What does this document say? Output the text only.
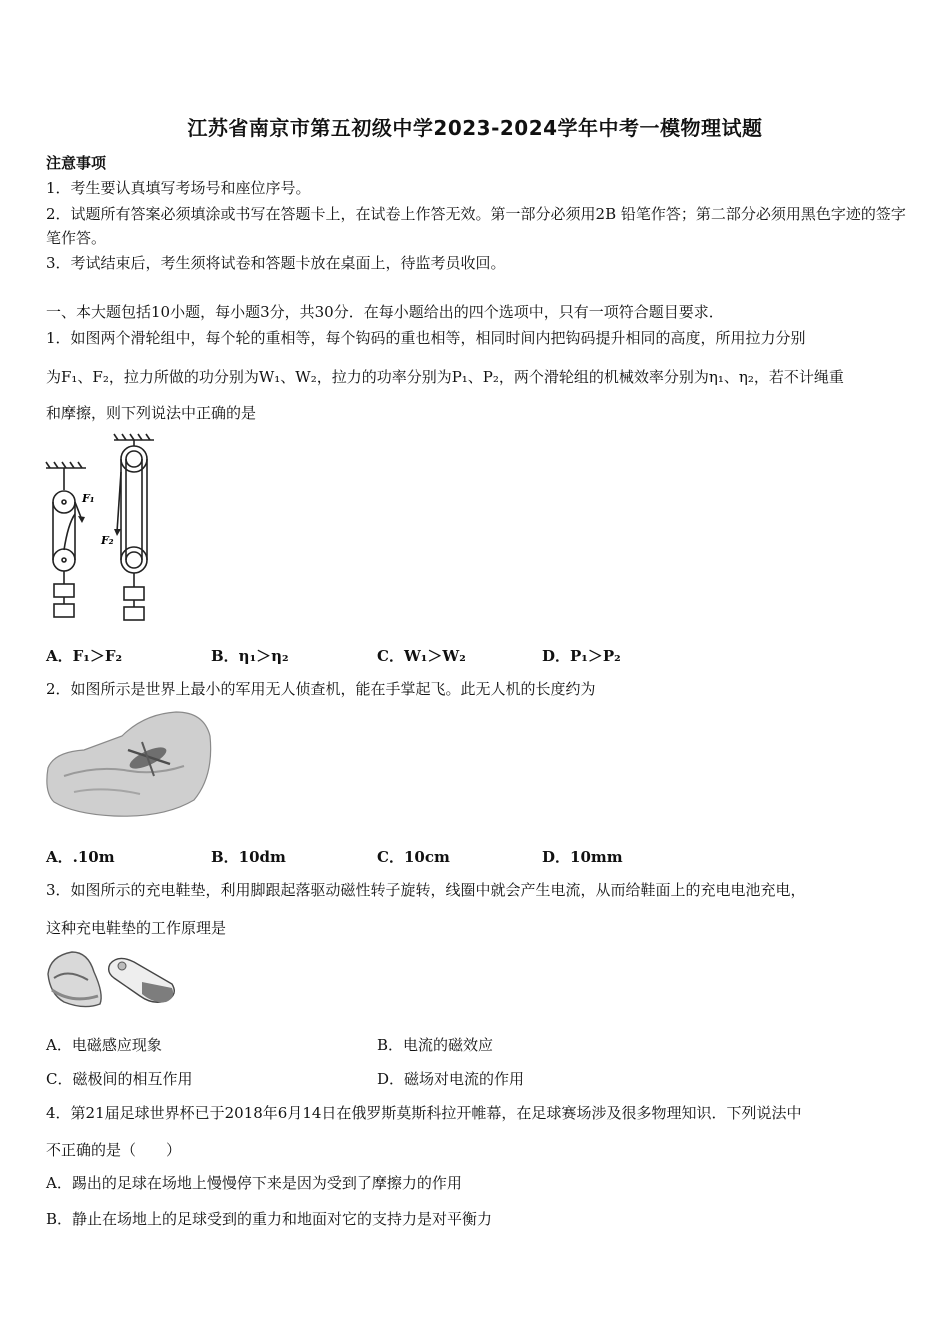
江苏省南京市第五初级中学2023-2024学年中考一模物理试题
注意事项
1．考生要认真填写考场号和座位序号。
2．试题所有答案必须填涂或书写在答题卡上，在试卷上作答无效。第一部分必须用2B 铅笔作答；第二部分必须用黑色字迹的签字笔作答。
3．考试结束后，考生须将试卷和答题卡放在桌面上，待监考员收回。
一、本大题包括10小题，每小题3分，共30分．在每小题给出的四个选项中，只有一项符合题目要求．
1．如图两个滑轮组中，每个轮的重相等，每个钩码的重也相等，相同时间内把钩码提升相同的高度，所用拉力分别
为F₁、F₂，拉力所做的功分别为W₁、W₂，拉力的功率分别为P₁、P₂，两个滑轮组的机械效率分别为η₁、η₂，若不计绳重
和摩擦，则下列说法中正确的是
F₁
F₂
A．F₁＞F₂	B．η₁＞η₂	C．W₁＞W₂	D．P₁＞P₂
2．如图所示是世界上最小的军用无人侦查机，能在手掌起飞。此无人机的长度约为
A．.10m	B．10dm	C．10cm	D．10mm
3．如图所示的充电鞋垫，利用脚跟起落驱动磁性转子旋转，线圈中就会产生电流，从而给鞋面上的充电电池充电，
这种充电鞋垫的工作原理是
A．电磁感应现象	B．电流的磁效应
C．磁极间的相互作用	D．磁场对电流的作用
4．第21届足球世界杯已于2018年6月14日在俄罗斯莫斯科拉开帷幕，在足球赛场涉及很多物理知识．下列说法中
不正确的是（　　）
A．踢出的足球在场地上慢慢停下来是因为受到了摩擦力的作用
B．静止在场地上的足球受到的重力和地面对它的支持力是对平衡力
